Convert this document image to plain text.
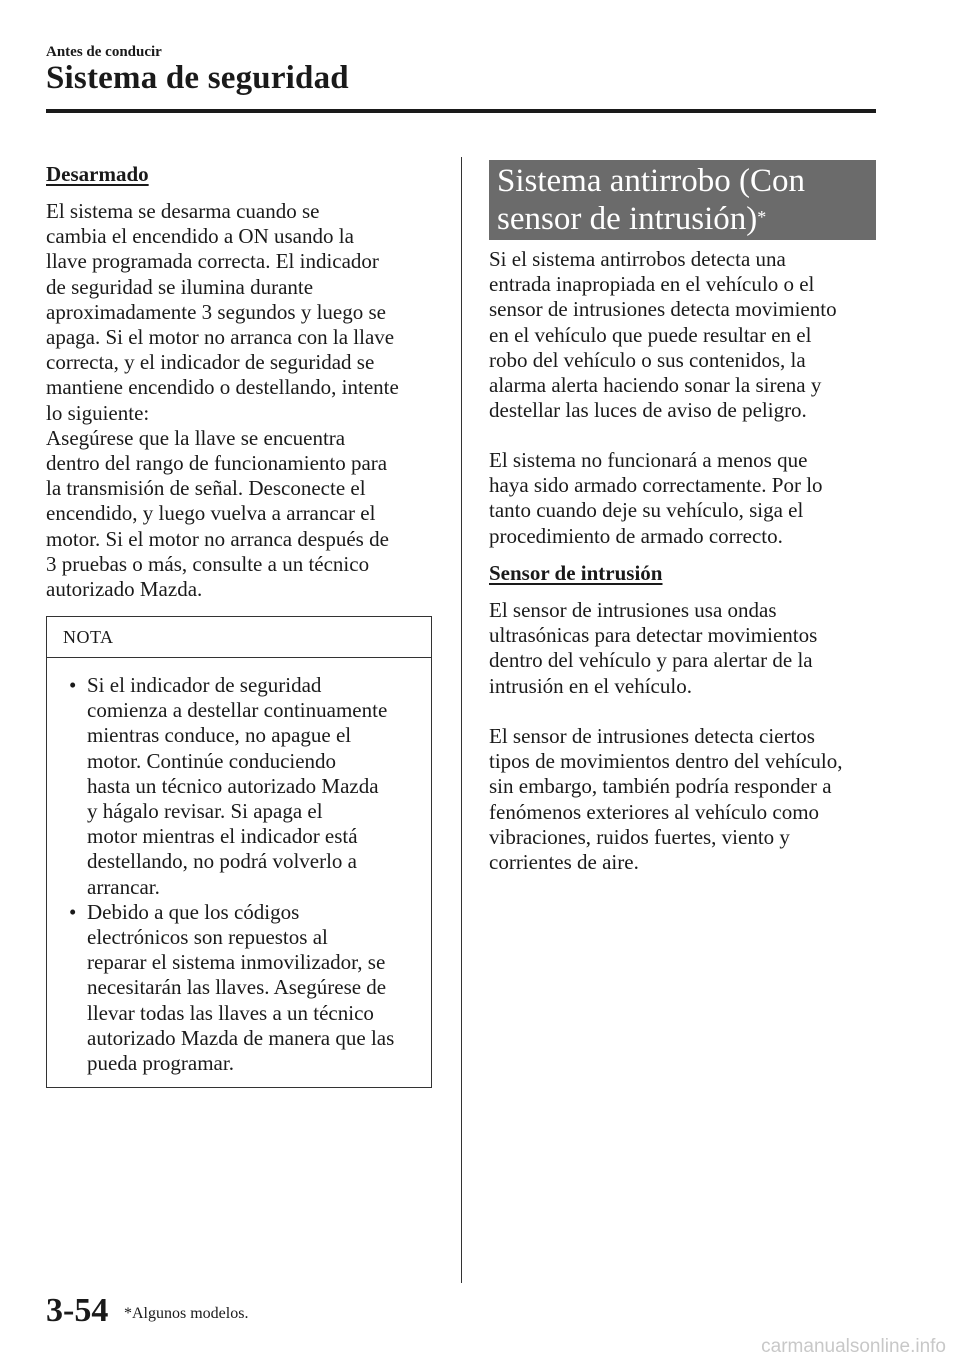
Antes de conducir
Sistema de seguridad
Desarmado
El sistema se desarma cuando se
cambia el encendido a ON usando la
llave programada correcta. El indicador
de seguridad se ilumina durante
aproximadamente 3 segundos y luego se
apaga. Si el motor no arranca con la llave
correcta, y el indicador de seguridad se
mantiene encendido o destellando, intente
lo siguiente:
Asegúrese que la llave se encuentra
dentro del rango de funcionamiento para
la transmisión de señal. Desconecte el
encendido, y luego vuelva a arrancar el
motor. Si el motor no arranca después de
3 pruebas o más, consulte a un técnico
autorizado Mazda.
NOTA
• Si el indicador de seguridad
comienza a destellar continuamente
mientras conduce, no apague el
motor. Continúe conduciendo
hasta un técnico autorizado Mazda
y hágalo revisar. Si apaga el
motor mientras el indicador está
destellando, no podrá volverlo a
arrancar.
• Debido a que los códigos
electrónicos son repuestos al
reparar el sistema inmovilizador, se
necesitarán las llaves. Asegúrese de
llevar todas las llaves a un técnico
autorizado Mazda de manera que las
pueda programar.
Sistema antirrobo (Con
sensor de intrusión)*
Si el sistema antirrobos detecta una
entrada inapropiada en el vehículo o el
sensor de intrusiones detecta movimiento
en el vehículo que puede resultar en el
robo del vehículo o sus contenidos, la
alarma alerta haciendo sonar la sirena y
destellar las luces de aviso de peligro.
El sistema no funcionará a menos que
haya sido armado correctamente. Por lo
tanto cuando deje su vehículo, siga el
procedimiento de armado correcto.
Sensor de intrusión
El sensor de intrusiones usa ondas
ultrasónicas para detectar movimientos
dentro del vehículo y para alertar de la
intrusión en el vehículo.
El sensor de intrusiones detecta ciertos
tipos de movimientos dentro del vehículo,
sin embargo, también podría responder a
fenómenos exteriores al vehículo como
vibraciones, ruidos fuertes, viento y
corrientes de aire.
3-54 *Algunos modelos.
carmanualsonline.info
